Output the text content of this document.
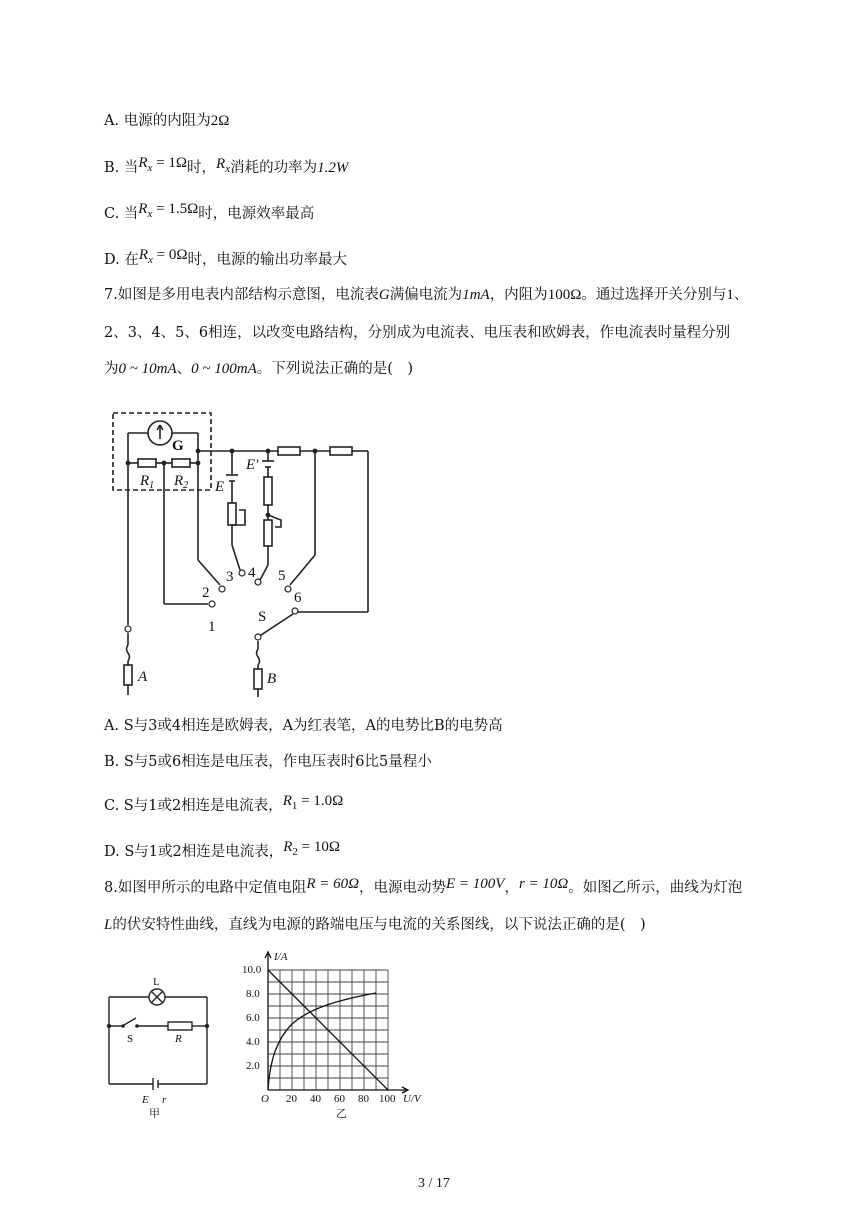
A. 电源的内阻为2Ω
B. 当$R_x = 1\Omega$时，$R_x$消耗的功率为1.2W
C. 当$R_x = 1.5\Omega$时，电源效率最高
D. 在$R_x = 0\Omega$时，电源的输出功率最大
7.如图是多用电表内部结构示意图，电流表G满偏电流为1mA，内阻为100Ω。通过选择开关分别与1、
2、3、4、5、6相连，以改变电路结构，分别成为电流表、电压表和欧姆表，作电流表时量程分别
为0 ~ 10mA、0 ~ 100mA。下列说法正确的是(　)
G
$R_1$ $R_2$ E
E′
1
2
3 4 5
6
S
A	B
A. S与3或4相连是欧姆表，A为红表笔，A的电势比B的电势高
B. S与5或6相连是电压表，作电压表时6比5量程小
C. S与1或2相连是电流表，$R_1 = 1.0\Omega$
D. S与1或2相连是电流表，$R_2 = 10\Omega$
8.如图甲所示的电路中定值电阻R = 60Ω，电源电动势E = 100V，r = 10Ω。如图乙所示，曲线为灯泡
L的伏安特性曲线，直线为电源的路端电压与电流的关系图线，以下说法正确的是(　)
L
S	R
E r
甲
I/A
U/V
O
10.0
8.0
6.0
4.0
2.0
20 40 60 80 100
乙
3 / 17
